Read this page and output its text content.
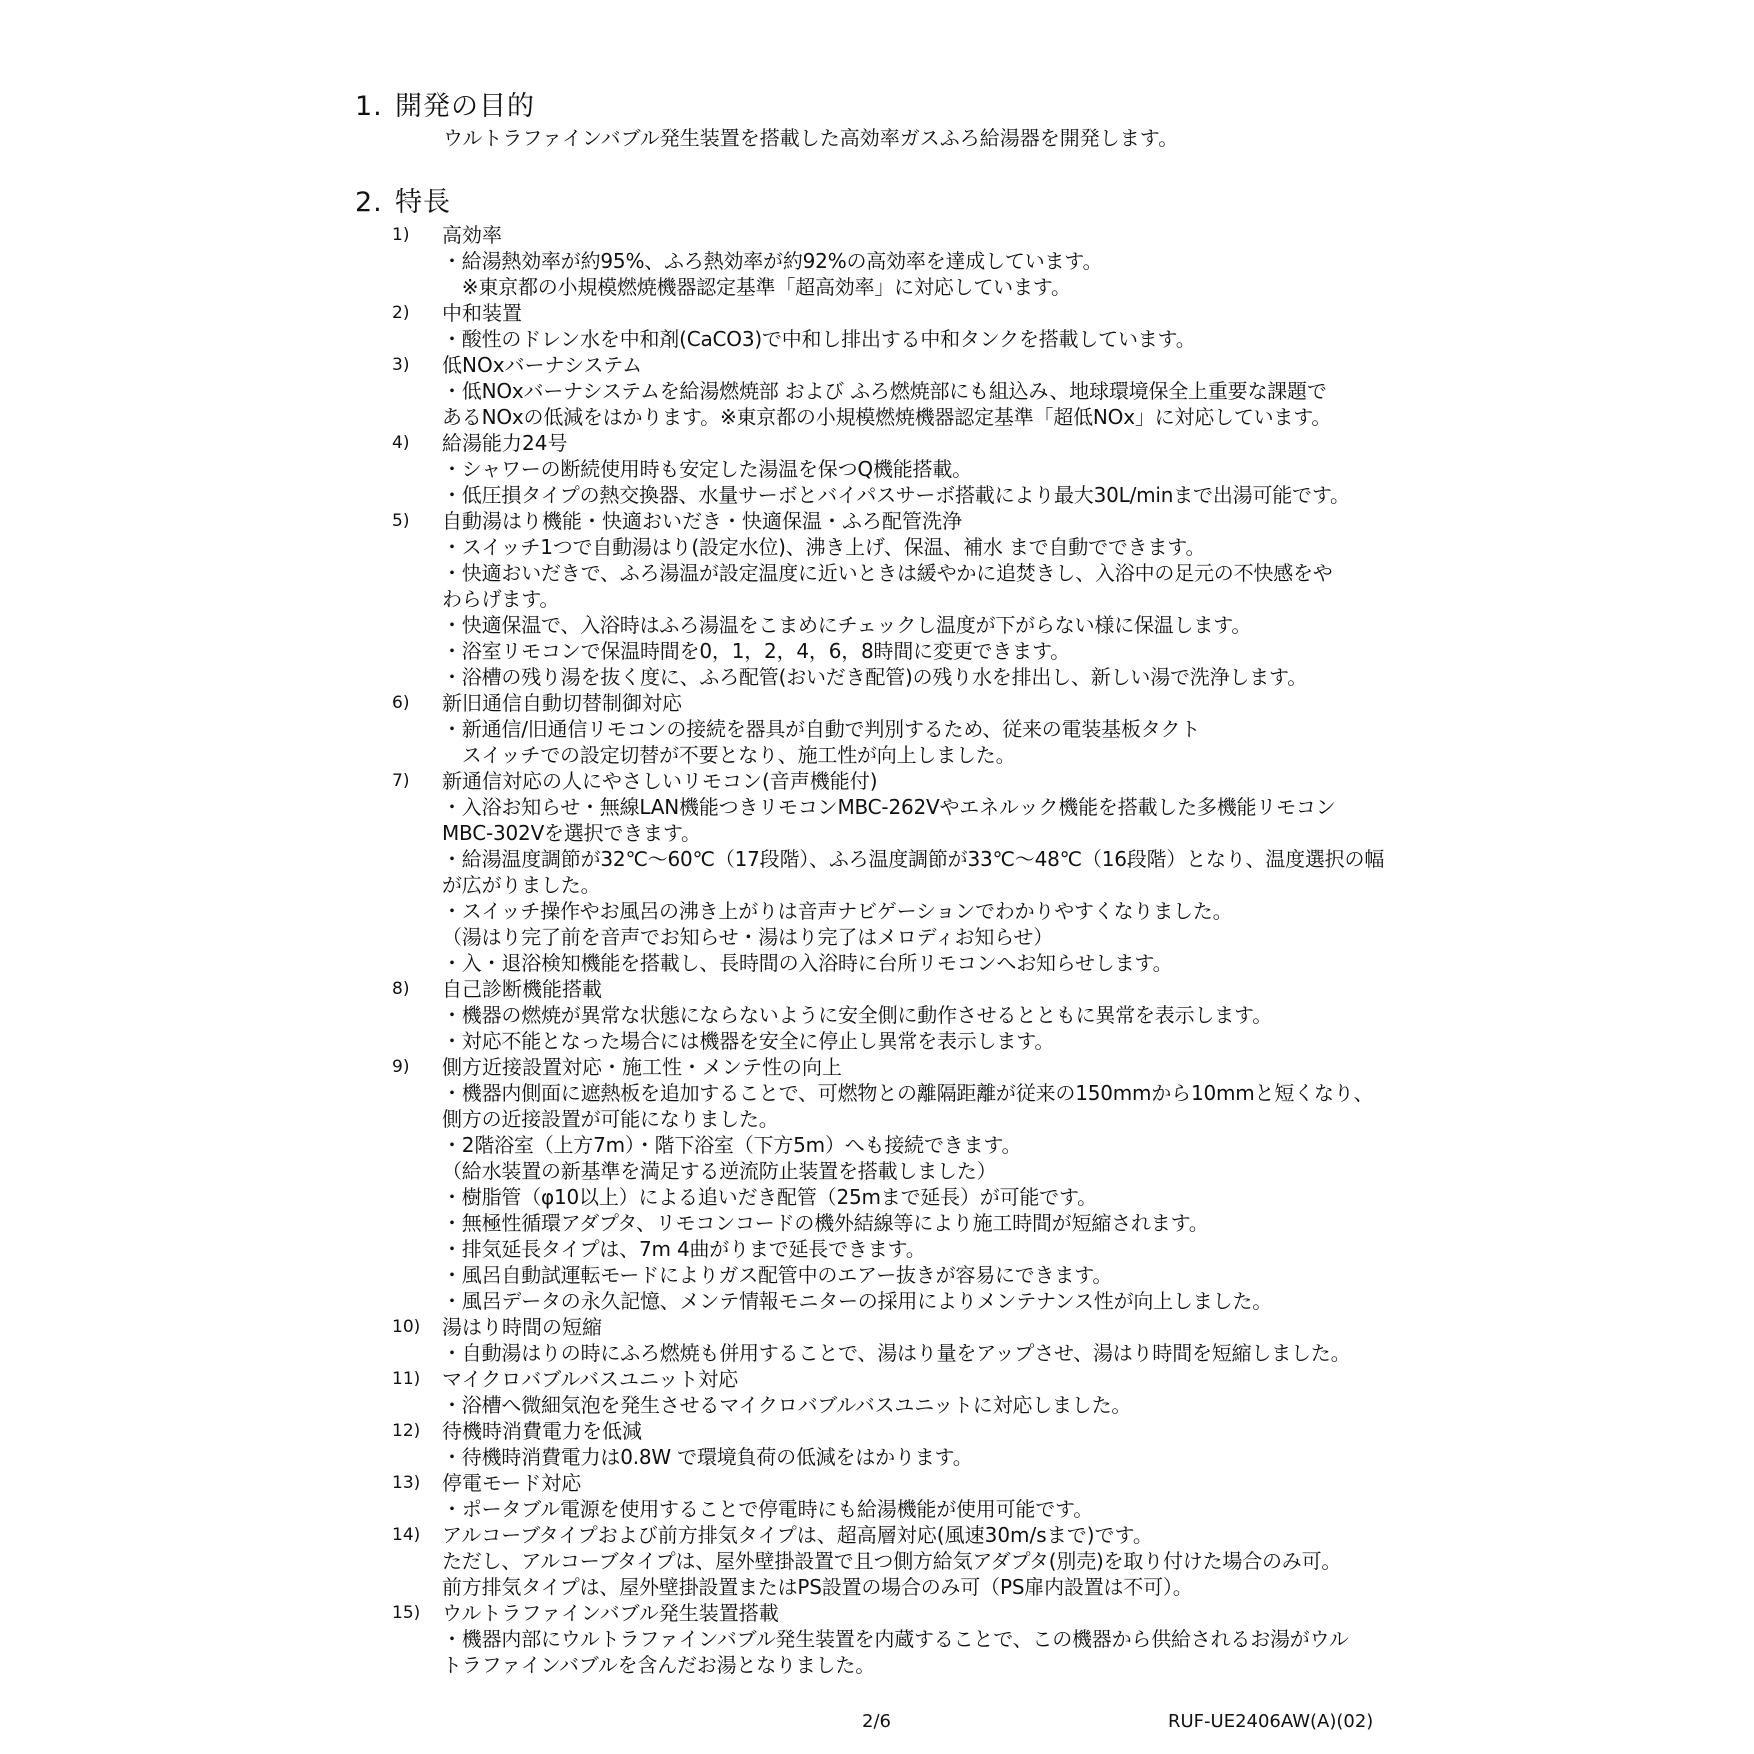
1. 開発の目的
ウルトラファインバブル発生装置を搭載した高効率ガスふろ給湯器を開発します。
2. 特長
1)	高効率
・給湯熱効率が約95%、ふろ熱効率が約92%の高効率を達成しています。
　※東京都の小規模燃焼機器認定基準「超高効率」に対応しています。
2)	中和装置
・酸性のドレン水を中和剤(CaCO3)で中和し排出する中和タンクを搭載しています。
3)	低NOxバーナシステム
・低NOxバーナシステムを給湯燃焼部 および ふろ燃焼部にも組込み、地球環境保全上重要な課題で
あるNOxの低減をはかります。※東京都の小規模燃焼機器認定基準「超低NOx」に対応しています。
4)	給湯能力24号
・シャワーの断続使用時も安定した湯温を保つQ機能搭載。
・低圧損タイプの熱交換器、水量サーボとバイパスサーボ搭載により最大30L/minまで出湯可能です。
5)	自動湯はり機能・快適おいだき・快適保温・ふろ配管洗浄
・スイッチ1つで自動湯はり(設定水位)、沸き上げ、保温、補水 まで自動でできます。
・快適おいだきで、ふろ湯温が設定温度に近いときは緩やかに追焚きし、入浴中の足元の不快感をや
わらげます。
・快適保温で、入浴時はふろ湯温をこまめにチェックし温度が下がらない様に保温します。
・浴室リモコンで保温時間を0，1，2，4，6，8時間に変更できます。
・浴槽の残り湯を抜く度に、ふろ配管(おいだき配管)の残り水を排出し、新しい湯で洗浄します。
6)	新旧通信自動切替制御対応
・新通信/旧通信リモコンの接続を器具が自動で判別するため、従来の電装基板タクト
　スイッチでの設定切替が不要となり、施工性が向上しました。
7)	新通信対応の人にやさしいリモコン(音声機能付)
・入浴お知らせ・無線LAN機能つきリモコンMBC-262Vやエネルック機能を搭載した多機能リモコン
MBC-302Vを選択できます。
・給湯温度調節が32℃～60℃（17段階）、ふろ温度調節が33℃～48℃（16段階）となり、温度選択の幅
が広がりました。
・スイッチ操作やお風呂の沸き上がりは音声ナビゲーションでわかりやすくなりました。
（湯はり完了前を音声でお知らせ・湯はり完了はメロディお知らせ）
・入・退浴検知機能を搭載し、長時間の入浴時に台所リモコンへお知らせします。
8)	自己診断機能搭載
・機器の燃焼が異常な状態にならないように安全側に動作させるとともに異常を表示します。
・対応不能となった場合には機器を安全に停止し異常を表示します。
9)	側方近接設置対応・施工性・メンテ性の向上
・機器内側面に遮熱板を追加することで、可燃物との離隔距離が従来の150mmから10mmと短くなり、
側方の近接設置が可能になりました。
・2階浴室（上方7m）・階下浴室（下方5m）へも接続できます。
（給水装置の新基準を満足する逆流防止装置を搭載しました）
・樹脂管（φ10以上）による追いだき配管（25mまで延長）が可能です。
・無極性循環アダプタ、リモコンコードの機外結線等により施工時間が短縮されます。
・排気延長タイプは、7m 4曲がりまで延長できます。
・風呂自動試運転モードによりガス配管中のエアー抜きが容易にできます。
・風呂データの永久記憶、メンテ情報モニターの採用によりメンテナンス性が向上しました。
10)	湯はり時間の短縮
・自動湯はりの時にふろ燃焼も併用することで、湯はり量をアップさせ、湯はり時間を短縮しました。
11)	マイクロバブルバスユニット対応
・浴槽へ微細気泡を発生させるマイクロバブルバスユニットに対応しました。
12)	待機時消費電力を低減
・待機時消費電力は0.8W で環境負荷の低減をはかります。
13)	停電モード対応
・ポータブル電源を使用することで停電時にも給湯機能が使用可能です。
14)	アルコーブタイプおよび前方排気タイプは、超高層対応(風速30m/sまで)です。
ただし、アルコーブタイプは、屋外壁掛設置で且つ側方給気アダプタ(別売)を取り付けた場合のみ可。
前方排気タイプは、屋外壁掛設置またはPS設置の場合のみ可（PS扉内設置は不可）。
15)	ウルトラファインバブル発生装置搭載
・機器内部にウルトラファインバブル発生装置を内蔵することで、この機器から供給されるお湯がウル
トラファインバブルを含んだお湯となりました。
2/6	RUF-UE2406AW(A)(02)
